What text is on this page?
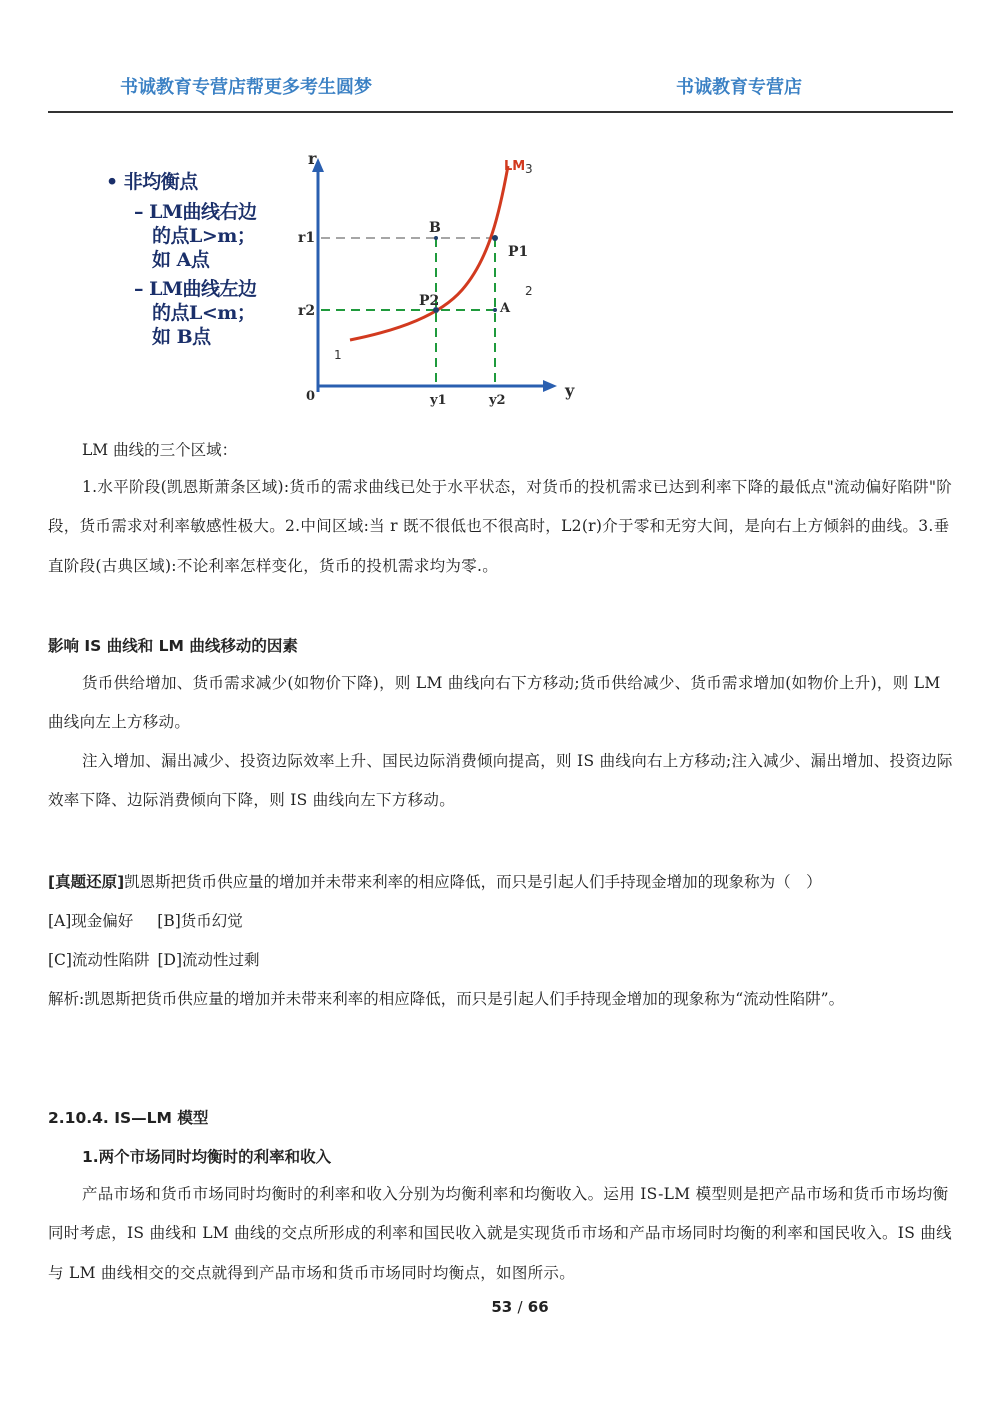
书诚教育专营店帮更多考生圆梦	书诚教育专营店
• 非均衡点
– LM曲线右边
的点L>m；
如 A点
– LM曲线左边
的点L<m；
如 B点
r
y
0
r1
r2
y1	y2
B
A
P1
P2
LM 3
2
1
LM 曲线的三个区域：
1.水平阶段(凯恩斯萧条区域):货币的需求曲线已处于水平状态，对货币的投机需求已达到利率下降的最低点"流动偏好陷阱"阶段，货币需求对利率敏感性极大。2.中间区域:当 r 既不很低也不很高时，L2(r)介于零和无穷大间，是向右上方倾斜的曲线。3.垂直阶段(古典区域):不论利率怎样变化，货币的投机需求均为零.。
影响 IS 曲线和 LM 曲线移动的因素
货币供给增加、货币需求减少(如物价下降)，则 LM 曲线向右下方移动;货币供给减少、货币需求增加(如物价上升)，则 LM 曲线向左上方移动。
注入增加、漏出减少、投资边际效率上升、国民边际消费倾向提高，则 IS 曲线向右上方移动;注入减少、漏出增加、投资边际效率下降、边际消费倾向下降，则 IS 曲线向左下方移动。
[真题还原]凯恩斯把货币供应量的增加并未带来利率的相应降低，而只是引起人们手持现金增加的现象称为（　）
[A]现金偏好 [B]货币幻觉
[C]流动性陷阱 [D]流动性过剩
解析:凯恩斯把货币供应量的增加并未带来利率的相应降低，而只是引起人们手持现金增加的现象称为“流动性陷阱”。
2.10.4. IS—LM 模型
1.两个市场同时均衡时的利率和收入
产品市场和货币市场同时均衡时的利率和收入分别为均衡利率和均衡收入。运用 IS-LM 模型则是把产品市场和货币市场均衡同时考虑，IS 曲线和 LM 曲线的交点所形成的利率和国民收入就是实现货币市场和产品市场同时均衡的利率和国民收入。IS 曲线与 LM 曲线相交的交点就得到产品市场和货币市场同时均衡点，如图所示。
53 / 66
